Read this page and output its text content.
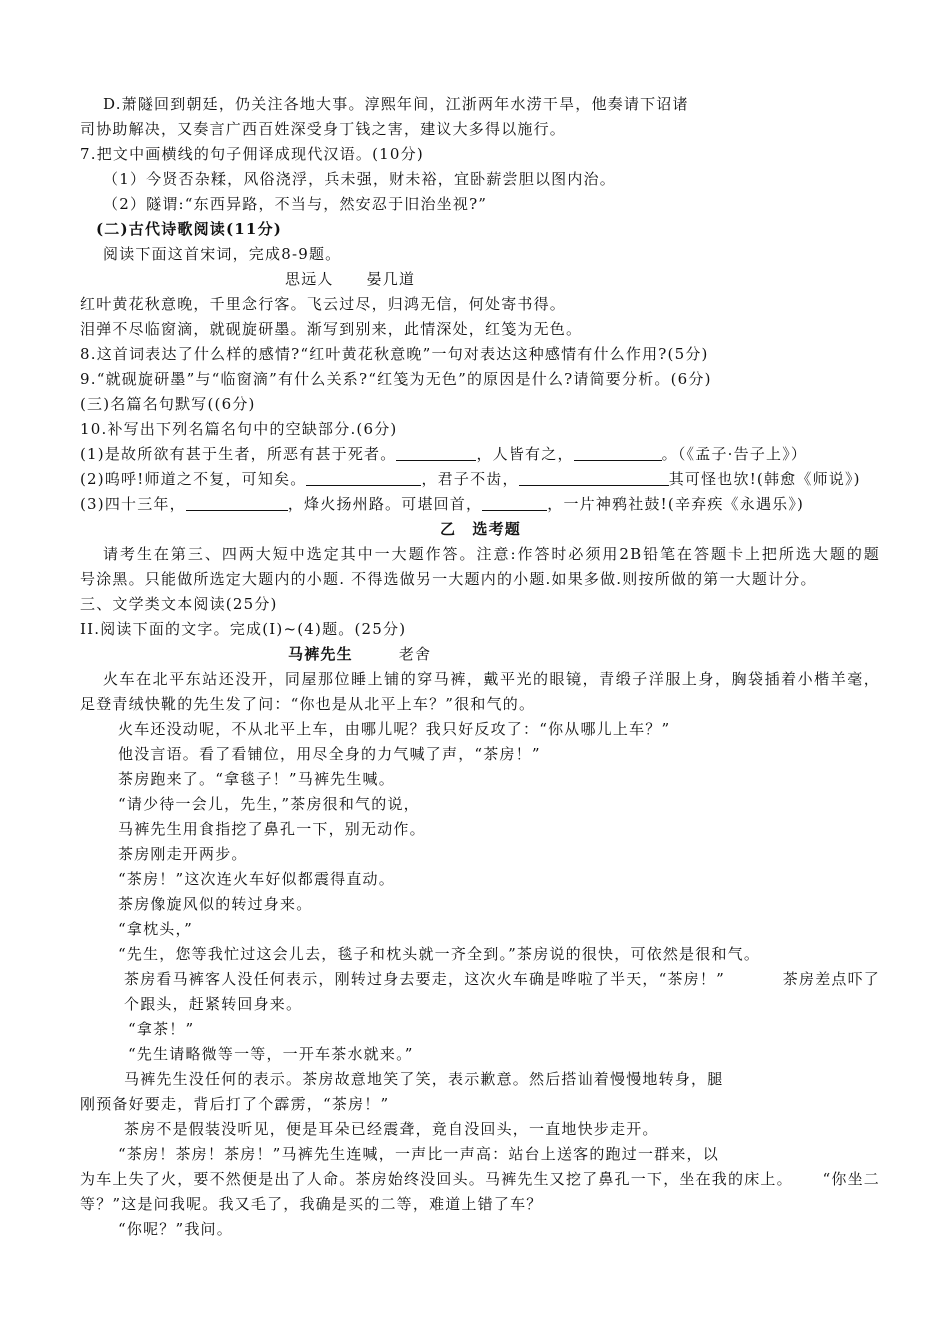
D.萧隧回到朝廷，仍关注各地大事。淳熙年间，江浙两年水涝干旱，他奏请下诏诸
司协助解决，又奏言广西百姓深受身丁钱之害，建议大多得以施行。
7.把文中画横线的句子佣译成现代汉语。(10分)
（1）今贤否杂糅，风俗浇浮，兵未强，财未裕，宜卧薪尝胆以图内治。
（2）隧谓:“东西异路，不当与，然安忍于旧治坐视?”
(二)古代诗歌阅读(11分)
阅读下面这首宋词，完成8-9题。
思远人 晏几道
红叶黄花秋意晚，千里念行客。飞云过尽，归鸿无信，何处寄书得。
泪弹不尽临窗滴，就砚旋研墨。渐写到别来，此情深处，红笺为无色。
8.这首词表达了什么样的感情?“红叶黄花秋意晚”一句对表达这种感情有什么作用?(5分)
9.“就砚旋研墨”与“临窗滴”有什么关系?“红笺为无色”的原因是什么?请简要分析。(6分)
(三)名篇名句默写((6分)
10.补写出下列名篇名句中的空缺部分.(6分)
(1)是故所欲有甚于生者，所恶有甚于死者。	，人皆有之，	。（《孟子·告子上》）
(2)呜呼!师道之不复，可知矣。	，君子不齿，	其可怪也欤!(韩愈《师说》)
(3)四十三年，	，烽火扬州路。可堪回首，	，一片神鸦社鼓!(辛弃疾《永遇乐》)
乙　选考题
请考生在第三、四两大短中选定其中一大题作答。注意:作答时必须用2B铅笔在答题卡上把所选大题的题
号涂黑。只能做所选定大题内的小题. 不得选做另一大题内的小题.如果多做.则按所做的第一大题计分。
三、文学类文本阅读(25分)
II.阅读下面的文字。完成(I)~(4)题。(25分)
马裤先生	老舍
火车在北平东站还没开，同屋那位睡上铺的穿马裤，戴平光的眼镜，青缎子洋服上身，胸袋插着小楷羊毫，
足登青绒快靴的先生发了问：“你也是从北平上车？”很和气的。
火车还没动呢，不从北平上车，由哪儿呢？我只好反攻了：“你从哪儿上车？”
他没言语。看了看铺位，用尽全身的力气喊了声，“茶房！”
茶房跑来了。“拿毯子！”马裤先生喊。
“请少待一会儿，先生，”茶房很和气的说，
马裤先生用食指挖了鼻孔一下，别无动作。
茶房刚走开两步。
“茶房！”这次连火车好似都震得直动。
茶房像旋风似的转过身来。
“拿枕头，”
“先生，您等我忙过这会儿去，毯子和枕头就一齐全到。”茶房说的很快，可依然是很和气。
茶房看马裤客人没任何表示，刚转过身去要走，这次火车确是哗啦了半天，“茶房！”	茶房差点吓了
个跟头，赶紧转回身来。
“拿茶！”
“先生请略微等一等，一开车茶水就来。”
马裤先生没任何的表示。茶房故意地笑了笑，表示歉意。然后搭讪着慢慢地转身，腿
刚预备好要走，背后打了个霹雳，“茶房！”
茶房不是假装没听见，便是耳朵已经震聋，竟自没回头，一直地快步走开。
“茶房！茶房！茶房！”马裤先生连喊，一声比一声高：站台上送客的跑过一群来，以
为车上失了火，要不然便是出了人命。茶房始终没回头。马裤先生又挖了鼻孔一下，坐在我的床上。 “你坐二
等？”这是问我呢。我又毛了，我确是买的二等，难道上错了车？
“你呢？”我问。
